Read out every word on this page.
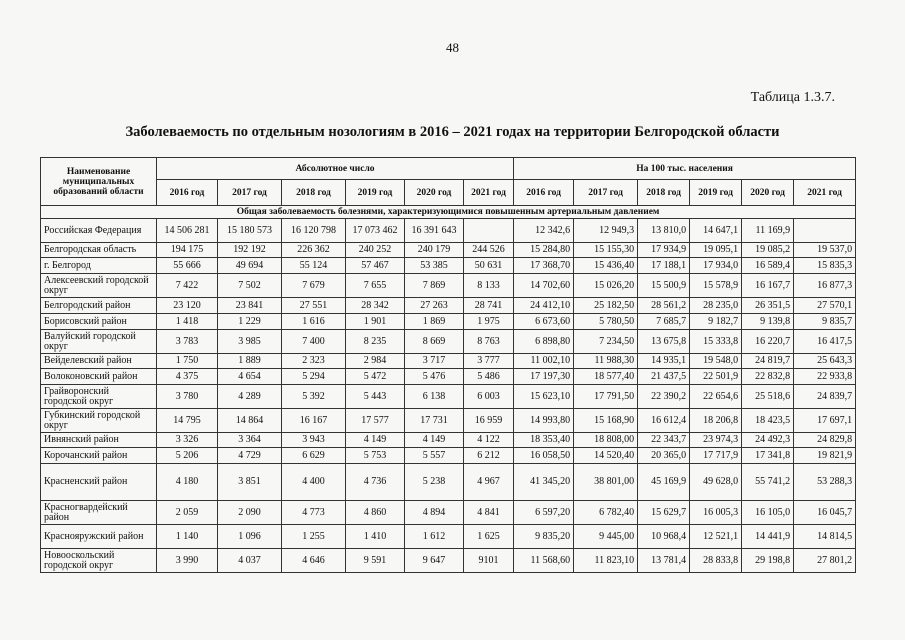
48
Таблица 1.3.7.
Заболеваемость по отдельным нозологиям в 2016 – 2021 годах на территории Белгородской области
Наименование муниципальных образований области	Абсолютное число						На 100 тыс. населения					
	2016 год	2017 год	2018 год	2019 год	2020 год	2021 год	2016 год	2017 год	2018 год	2019 год	2020 год	2021 год
Общая заболеваемость болезнями, характеризующимися повышенным артериальным давлением												
Российская Федерация	14 506 281	15 180 573	16 120 798	17 073 462	16 391 643		12 342,6	12 949,3	13 810,0	14 647,1	11 169,9	
Белгородская область	194 175	192 192	226 362	240 252	240 179	244 526	15 284,80	15 155,30	17 934,9	19 095,1	19 085,2	19 537,0
г. Белгород	55 666	49 694	55 124	57 467	53 385	50 631	17 368,70	15 436,40	17 188,1	17 934,0	16 589,4	15 835,3
Алексеевский городской округ	7 422	7 502	7 679	7 655	7 869	8 133	14 702,60	15 026,20	15 500,9	15 578,9	16 167,7	16 877,3
Белгородский район	23 120	23 841	27 551	28 342	27 263	28 741	24 412,10	25 182,50	28 561,2	28 235,0	26 351,5	27 570,1
Борисовский район	1 418	1 229	1 616	1 901	1 869	1 975	6 673,60	5 780,50	7 685,7	9 182,7	9 139,8	9 835,7
Валуйский городской округ	3 783	3 985	7 400	8 235	8 669	8 763	6 898,80	7 234,50	13 675,8	15 333,8	16 220,7	16 417,5
Вейделевский район	1 750	1 889	2 323	2 984	3 717	3 777	11 002,10	11 988,30	14 935,1	19 548,0	24 819,7	25 643,3
Волоконовский район	4 375	4 654	5 294	5 472	5 476	5 486	17 197,30	18 577,40	21 437,5	22 501,9	22 832,8	22 933,8
Грайворонский городской округ	3 780	4 289	5 392	5 443	6 138	6 003	15 623,10	17 791,50	22 390,2	22 654,6	25 518,6	24 839,7
Губкинский городской округ	14 795	14 864	16 167	17 577	17 731	16 959	14 993,80	15 168,90	16 612,4	18 206,8	18 423,5	17 697,1
Ивнянский район	3 326	3 364	3 943	4 149	4 149	4 122	18 353,40	18 808,00	22 343,7	23 974,3	24 492,3	24 829,8
Корочанский район	5 206	4 729	6 629	5 753	5 557	6 212	16 058,50	14 520,40	20 365,0	17 717,9	17 341,8	19 821,9
Красненский район	4 180	3 851	4 400	4 736	5 238	4 967	41 345,20	38 801,00	45 169,9	49 628,0	55 741,2	53 288,3
Красногвардейский район	2 059	2 090	4 773	4 860	4 894	4 841	6 597,20	6 782,40	15 629,7	16 005,3	16 105,0	16 045,7
Краснояружский район	1 140	1 096	1 255	1 410	1 612	1 625	9 835,20	9 445,00	10 968,4	12 521,1	14 441,9	14 814,5
Новооскольский городской округ	3 990	4 037	4 646	9 591	9 647	9101	11 568,60	11 823,10	13 781,4	28 833,8	29 198,8	27 801,2
